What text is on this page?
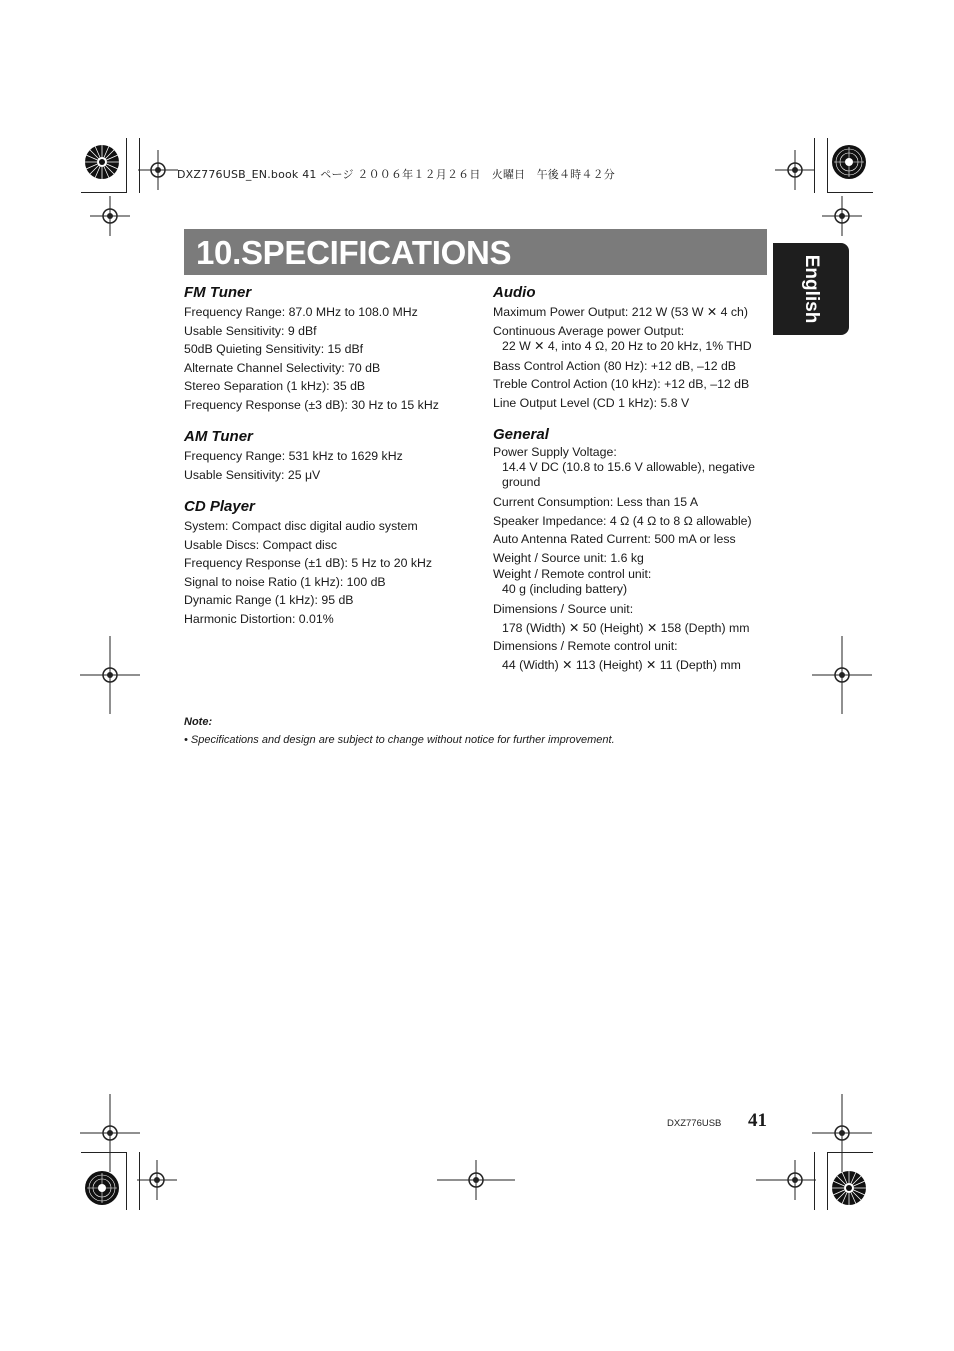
DXZ776USB_EN.book 41 ページ ２００６年１２月２６日　火曜日　午後４時４２分
10.SPECIFICATIONS
English
FM Tuner
Frequency Range: 87.0 MHz to 108.0 MHz
Usable Sensitivity: 9 dBf
50dB Quieting Sensitivity: 15 dBf
Alternate Channel Selectivity: 70 dB
Stereo Separation (1 kHz): 35 dB
Frequency Response (±3 dB): 30 Hz to 15 kHz
AM Tuner
Frequency Range: 531 kHz to 1629 kHz
Usable Sensitivity: 25 μV
CD Player
System: Compact disc digital audio system
Usable Discs: Compact disc
Frequency Response (±1 dB): 5 Hz to 20 kHz
Signal to noise Ratio (1 kHz): 100 dB
Dynamic Range (1 kHz): 95 dB
Harmonic Distortion: 0.01%
Audio
Maximum Power Output: 212 W (53 W ✕ 4 ch)
Continuous Average power Output:
22 W ✕ 4, into 4 Ω, 20 Hz to 20 kHz, 1% THD
Bass Control Action (80 Hz): +12 dB, –12 dB
Treble Control Action (10 kHz): +12 dB, –12 dB
Line Output Level (CD 1 kHz): 5.8 V
General
Power Supply Voltage:
14.4 V DC (10.8 to 15.6 V allowable), negative ground
Current Consumption: Less than 15 A
Speaker Impedance: 4 Ω (4 Ω to 8 Ω allowable)
Auto Antenna Rated Current: 500 mA or less
Weight / Source unit: 1.6 kg
Weight / Remote control unit:
40 g (including battery)
Dimensions / Source unit:
178 (Width) ✕ 50 (Height) ✕ 158 (Depth) mm
Dimensions / Remote control unit:
44 (Width) ✕ 113 (Height) ✕ 11 (Depth) mm
Note:
• Specifications and design are subject to change without notice for further improvement.
DXZ776USB 41
